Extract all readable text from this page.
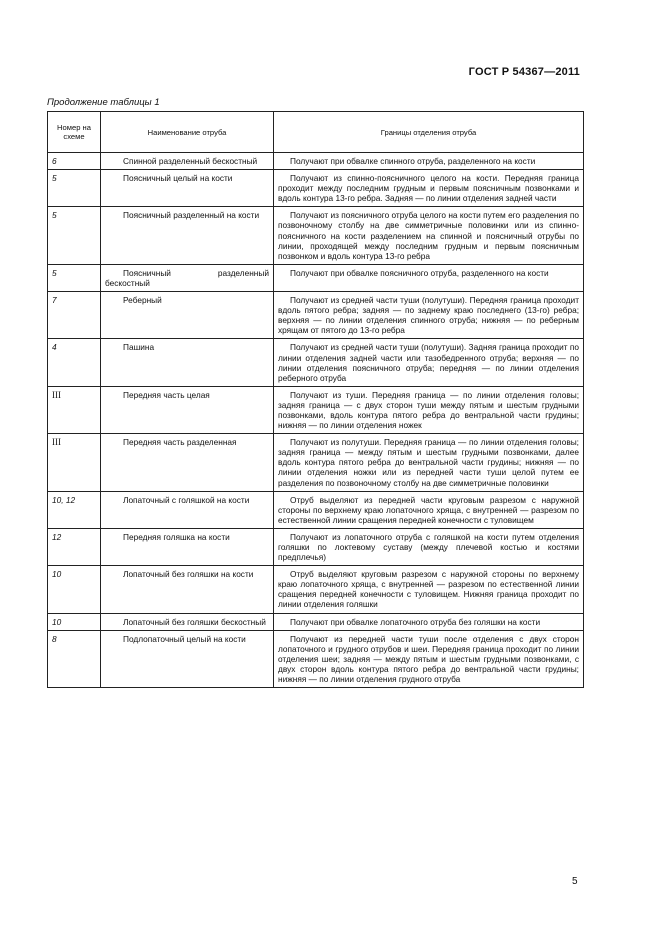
ГОСТ Р 54367—2011
Продолжение таблицы 1
Номер на схеме	Наименование отруба	Границы отделения отруба
6	Спинной разделенный бескостный	Получают при обвалке спинного отруба, разделенного на кости
5	Поясничный целый на кости	Получают из спинно-поясничного целого на кости. Передняя граница проходит между последним грудным и первым поясничным позвонками и вдоль контура 13-го ребра. Задняя — по линии отделения задней части
5	Поясничный разделенный на кости	Получают из поясничного отруба целого на кости путем его разделения по позвоночному столбу на две симметричные половинки или из спинно-поясничного на кости разделением на спинной и поясничный отрубы по линии, проходящей между последним грудным и первым поясничным позвонком и вдоль контура 13-го ребра
5	Поясничный разделенный бескостный	Получают при обвалке поясничного отруба, разделенного на кости
7	Реберный	Получают из средней части туши (полутуши). Передняя граница проходит вдоль пятого ребра; задняя — по заднему краю последнего (13-го) ребра; верхняя — по линии отделения спинного отруба; нижняя — по реберным хрящам от пятого до 13-го ребра
4	Пашина	Получают из средней части туши (полутуши). Задняя граница проходит по линии отделения задней части или тазобедренного отруба; верхняя — по линии отделения поясничного отруба; передняя — по линии отделения реберного отруба
III	Передняя часть целая	Получают из туши. Передняя граница — по линии отделения головы; задняя граница — с двух сторон туши между пятым и шестым грудными позвонками, вдоль контура пятого ребра до вентральной части грудины; нижняя — по линии отделения ножек
III	Передняя часть разделенная	Получают из полутуши. Передняя граница — по линии отделения головы; задняя граница — между пятым и шестым грудными позвонками, далее вдоль контура пятого ребра до вентральной части грудины; нижняя — по линии отделения ножки или из передней части туши целой путем ее разделения по позвоночному столбу на две симметричные половинки
10, 12	Лопаточный с голяшкой на кости	Отруб выделяют из передней части круговым разрезом с наружной стороны по верхнему краю лопаточного хряща, с внутренней — разрезом по естественной линии сращения передней конечности с туловищем
12	Передняя голяшка на кости	Получают из лопаточного отруба с голяшкой на кости путем отделения голяшки по локтевому суставу (между плечевой костью и костями предплечья)
10	Лопаточный без голяшки на кости	Отруб выделяют круговым разрезом с наружной стороны по верхнему краю лопаточного хряща, с внутренней — разрезом по естественной линии сращения передней конечности с туловищем. Нижняя граница проходит по линии отделения голяшки
10	Лопаточный без голяшки бескостный	Получают при обвалке лопаточного отруба без голяшки на кости
8	Подлопаточный целый на кости	Получают из передней части туши после отделения с двух сторон лопаточного и грудного отрубов и шеи. Передняя граница проходит по линии отделения шеи; задняя — между пятым и шестым грудными позвонками, с двух сторон вдоль контура пятого ребра до вентральной части грудины; нижняя — по линии отделения грудного отруба
5
